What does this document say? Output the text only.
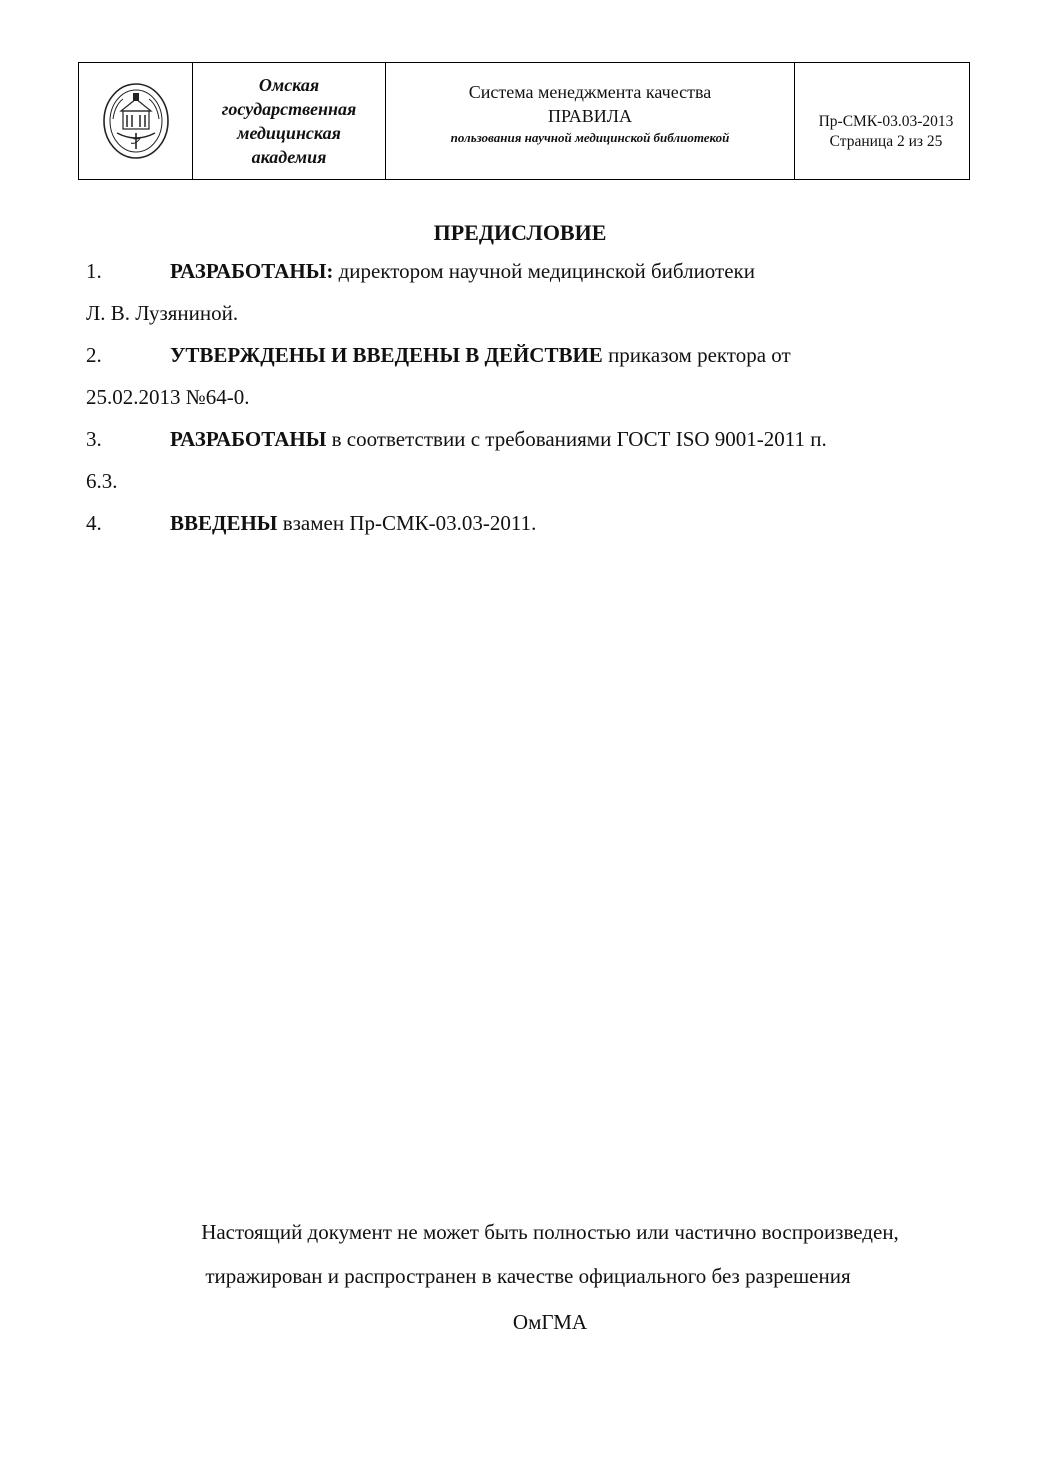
Омская
государственная
медицинская
академия

Система менеджмента качества
ПРАВИЛА
пользования научной медицинской библиотекой

Пр-СМК-03.03-2013
Страница 2 из 25
ПРЕДИСЛОВИЕ
1.	РАЗРАБОТАНЫ: директором научной медицинской библиотеки
Л. В. Лузяниной.
2.	УТВЕРЖДЕНЫ И ВВЕДЕНЫ В ДЕЙСТВИЕ приказом ректора от
25.02.2013 №64-0.
3.	РАЗРАБОТАНЫ в соответствии с требованиями ГОСТ ISO 9001-2011 п.
6.3.
4.	ВВЕДЕНЫ взамен Пр-СМК-03.03-2011.
Настоящий документ не может быть полностью или частично воспроизведен,
тиражирован и распространен в качестве официального без разрешения
ОмГМА
